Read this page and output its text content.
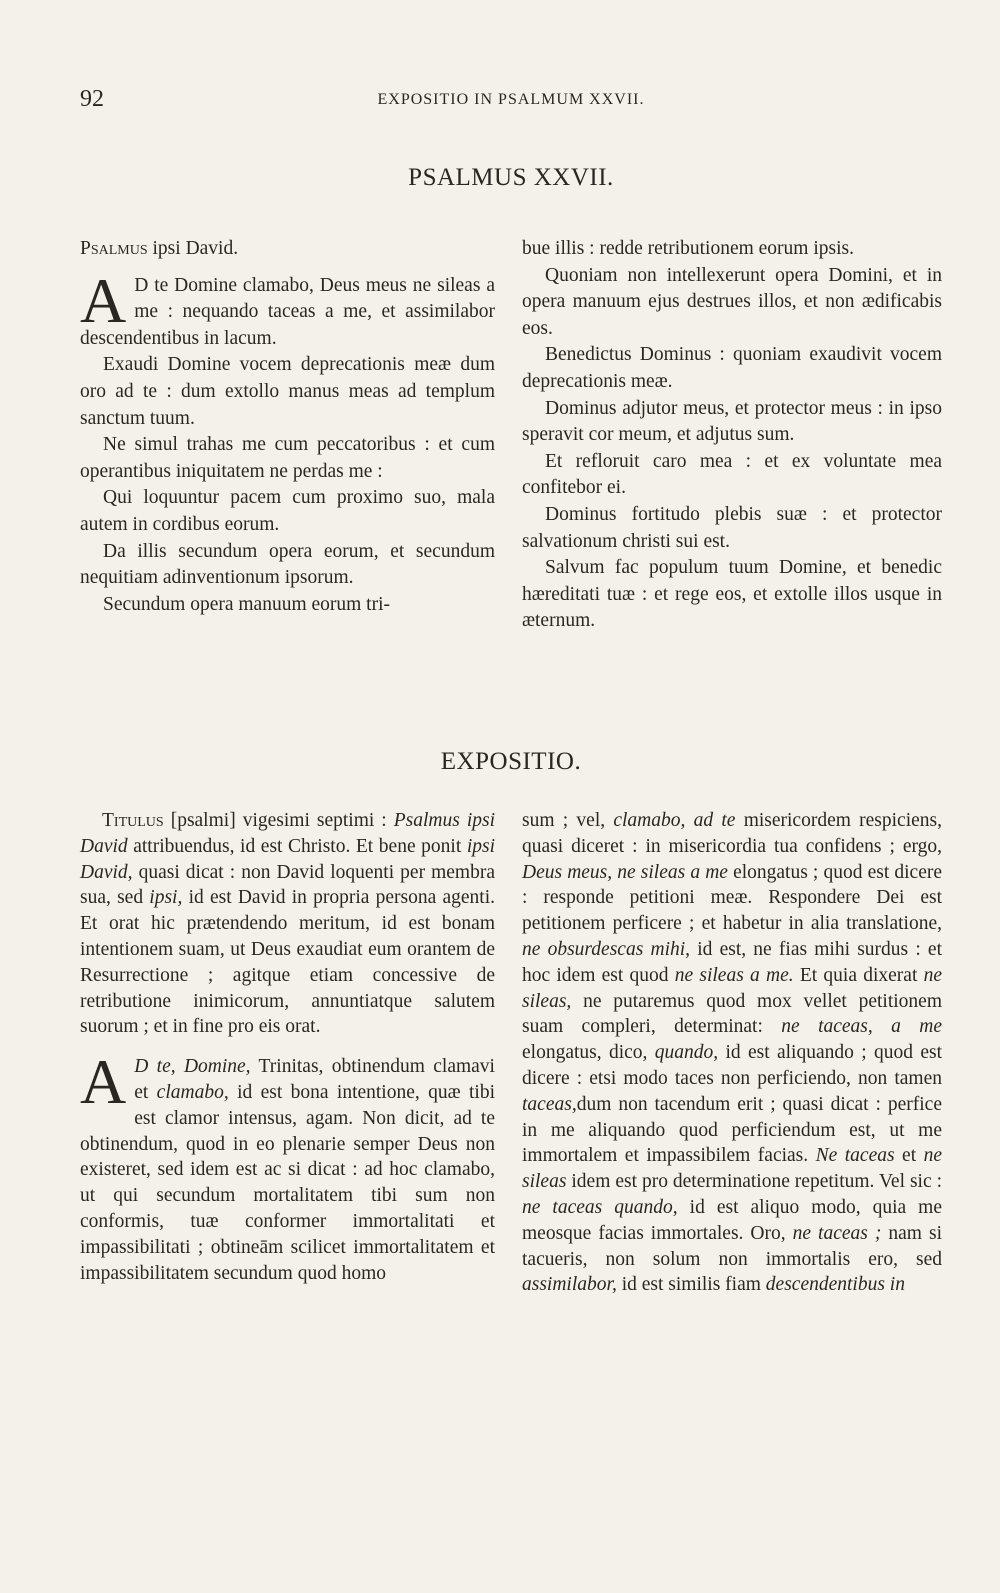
92	EXPOSITIO IN PSALMUM XXVII.
PSALMUS XXVII.

Psalmus ipsi David.

A D te Domine clamabo, Deus meus ne sileas a me : nequando taceas a me, et assimilabor descendentibus in lacum.

Exaudi Domine vocem deprecationis meæ dum oro ad te : dum extollo manus meas ad templum sanctum tuum.

Ne simul trahas me cum peccatoribus : et cum operantibus iniquitatem ne perdas me :

Qui loquuntur pacem cum proximo suo, mala autem in cordibus eorum.

Da illis secundum opera eorum, et secundum nequitiam adinventionum ipsorum.

Secundum opera manuum eorum tri-

bue illis : redde retributionem eorum ipsis.

Quoniam non intellexerunt opera Domini, et in opera manuum ejus destrues illos, et non ædificabis eos.

Benedictus Dominus : quoniam exaudivit vocem deprecationis meæ.

Dominus adjutor meus, et protector meus : in ipso speravit cor meum, et adjutus sum.

Et refloruit caro mea : et ex voluntate mea confitebor ei.

Dominus fortitudo plebis suæ : et protector salvationum christi sui est.

Salvum fac populum tuum Domine, et benedic hæreditati tuæ : et rege eos, et extolle illos usque in æternum.

EXPOSITIO.

Titulus [psalmi] vigesimi septimi : Psalmus ipsi David attribuendus, id est Christo. Et bene ponit ipsi David, quasi dicat : non David loquenti per membra sua, sed ipsi, id est David in propria persona agenti. Et orat hic prætendendo meritum, id est bonam intentionem suam, ut Deus exaudiat eum orantem de Resurrectione ; agitque etiam concessive de retributione inimicorum, annuntiatque salutem suorum ; et in fine pro eis orat.

A D te, Domine, Trinitas, obtinendum clamavi et clamabo, id est bona intentione, quæ tibi est clamor intensus, agam. Non dicit, ad te obtinendum, quod in eo plenarie semper Deus non existeret, sed idem est ac si dicat : ad hoc clamabo, ut qui secundum mortalitatem tibi sum non conformis, tuæ conformer immortalitati et impassibilitati ; obtineām scilicet immortalitatem et impassibilitatem secundum quod homo

sum ; vel, clamabo, ad te misericordem respiciens, quasi diceret : in misericordia tua confidens ; ergo, Deus meus, ne sileas a me elongatus ; quod est dicere : responde petitioni meæ. Respondere Dei est petitionem perficere ; et habetur in alia translatione, ne obsurdescas mihi, id est, ne fias mihi surdus : et hoc idem est quod ne sileas a me. Et quia dixerat ne sileas, ne putaremus quod mox vellet petitionem suam compleri, determinat: ne taceas, a me elongatus, dico, quando, id est aliquando ; quod est dicere : etsi modo taces non perficiendo, non tamen taceas,dum non tacendum erit ; quasi dicat : perfice in me aliquando quod perficiendum est, ut me immortalem et impassibilem facias. Ne taceas et ne sileas idem est pro determinatione repetitum. Vel sic : ne taceas quando, id est aliquo modo, quia me meosque facias immortales. Oro, ne taceas ; nam si tacueris, non solum non immortalis ero, sed assimilabor, id est similis fiam descendentibus in
